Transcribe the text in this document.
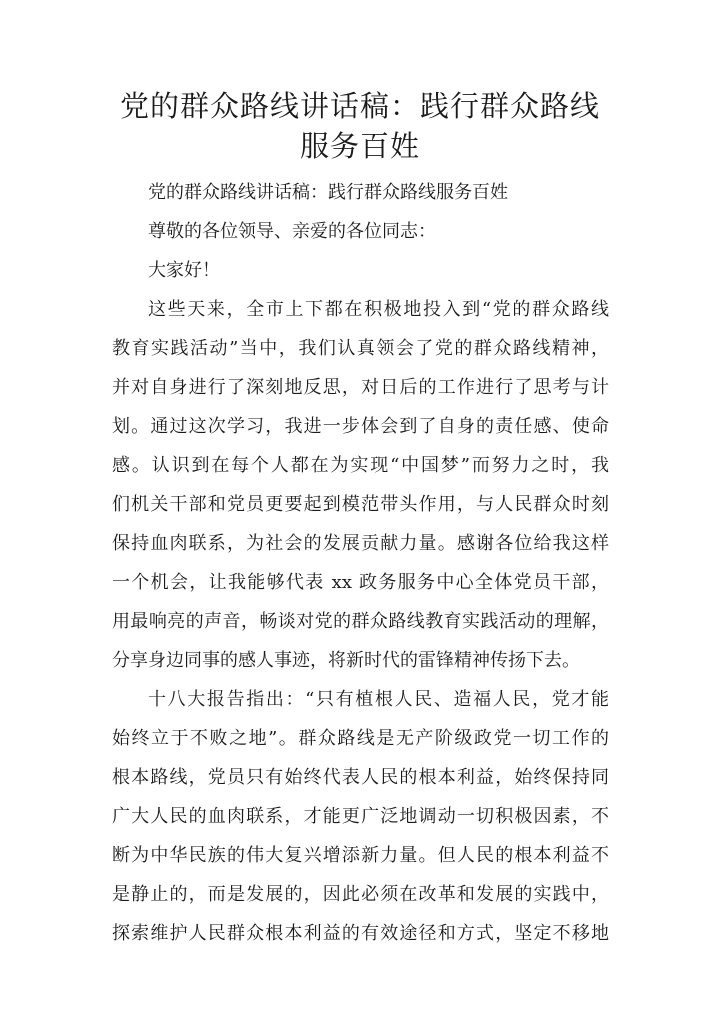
党的群众路线讲话稿：践行群众路线
服务百姓
党的群众路线讲话稿：践行群众路线服务百姓
尊敬的各位领导、亲爱的各位同志：
大家好！
这些天来，全市上下都在积极地投入到“党的群众路线
教育实践活动”当中，我们认真领会了党的群众路线精神，
并对自身进行了深刻地反思，对日后的工作进行了思考与计
划。通过这次学习，我进一步体会到了自身的责任感、使命
感。认识到在每个人都在为实现“中国梦”而努力之时，我
们机关干部和党员更要起到模范带头作用，与人民群众时刻
保持血肉联系，为社会的发展贡献力量。感谢各位给我这样
一个机会，让我能够代表 xx 政务服务中心全体党员干部，
用最响亮的声音，畅谈对党的群众路线教育实践活动的理解，
分享身边同事的感人事迹，将新时代的雷锋精神传扬下去。
十八大报告指出：“只有植根人民、造福人民，党才能
始终立于不败之地”。群众路线是无产阶级政党一切工作的
根本路线，党员只有始终代表人民的根本利益，始终保持同
广大人民的血肉联系，才能更广泛地调动一切积极因素，不
断为中华民族的伟大复兴增添新力量。但人民的根本利益不
是静止的，而是发展的，因此必须在改革和发展的实践中，
探索维护人民群众根本利益的有效途径和方式，坚定不移地
